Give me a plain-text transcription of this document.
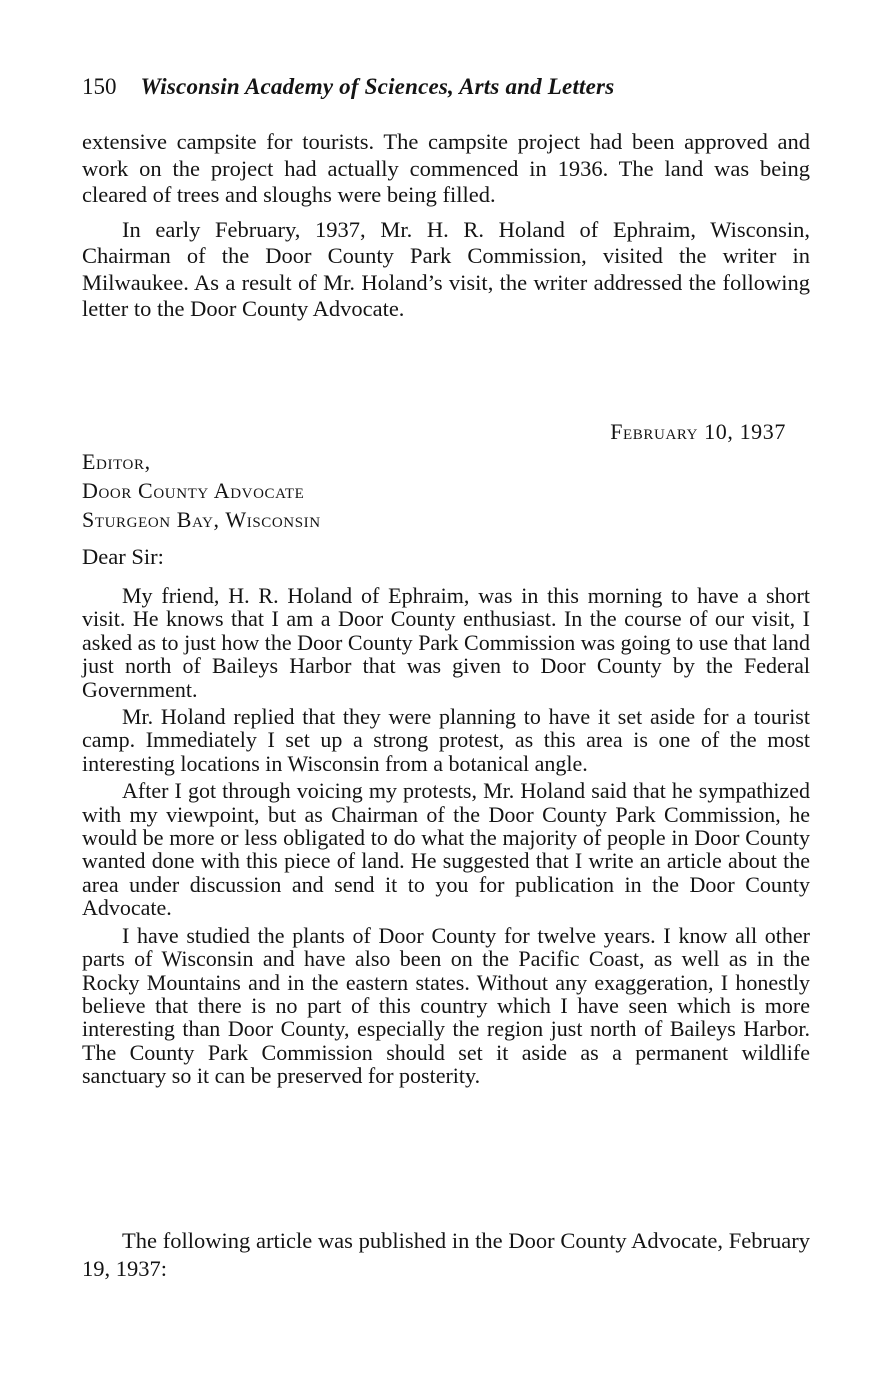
150 Wisconsin Academy of Sciences, Arts and Letters

extensive campsite for tourists. The campsite project had been approved and work on the project had actually commenced in 1936. The land was being cleared of trees and sloughs were being filled.

In early February, 1937, Mr. H. R. Holand of Ephraim, Wisconsin, Chairman of the Door County Park Commission, visited the writer in Milwaukee. As a result of Mr. Holand’s visit, the writer addressed the following letter to the Door County Advocate.

February 10, 1937
Editor,
Door County Advocate
Sturgeon Bay, Wisconsin
Dear Sir:

My friend, H. R. Holand of Ephraim, was in this morning to have a short visit. He knows that I am a Door County enthusiast. In the course of our visit, I asked as to just how the Door County Park Commission was going to use that land just north of Baileys Harbor that was given to Door County by the Federal Government.

Mr. Holand replied that they were planning to have it set aside for a tourist camp. Immediately I set up a strong protest, as this area is one of the most interesting locations in Wisconsin from a botanical angle.

After I got through voicing my protests, Mr. Holand said that he sympathized with my viewpoint, but as Chairman of the Door County Park Commission, he would be more or less obligated to do what the majority of people in Door County wanted done with this piece of land. He suggested that I write an article about the area under discussion and send it to you for publication in the Door County Advocate.

I have studied the plants of Door County for twelve years. I know all other parts of Wisconsin and have also been on the Pacific Coast, as well as in the Rocky Mountains and in the eastern states. Without any exaggeration, I honestly believe that there is no part of this country which I have seen which is more interesting than Door County, especially the region just north of Baileys Harbor. The County Park Commission should set it aside as a permanent wildlife sanctuary so it can be preserved for posterity.

The following article was published in the Door County Advocate, February 19, 1937:
